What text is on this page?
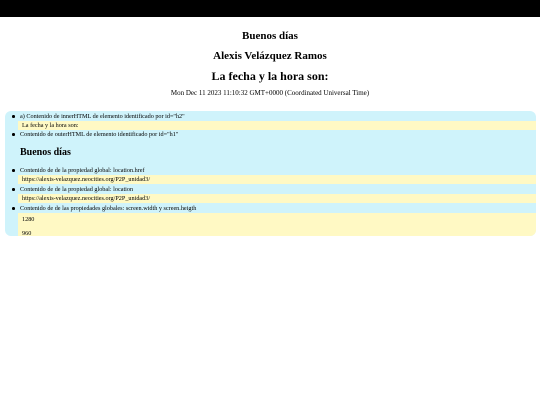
Buenos días
Alexis Velázquez Ramos
La fecha y la hora son:
Mon Dec 11 2023 11:10:32 GMT+0000 (Coordinated Universal Time)
a) Contenido de innerHTML de elemento identificado por id="h2"
La fecha y la hora son:
Contenido de outerHTML de elemento identificado por id="h1"
Buenos días
Contenido de de la propiedad global: location.href
https://alexis-velazquez.neocities.org/P2P_unidad3/
Contenido de de la propiedad global: location
https://alexis-velazquez.neocities.org/P2P_unidad3/
Contenido de de las propiedades globales: screen.width y screen.heigth
1280
960
